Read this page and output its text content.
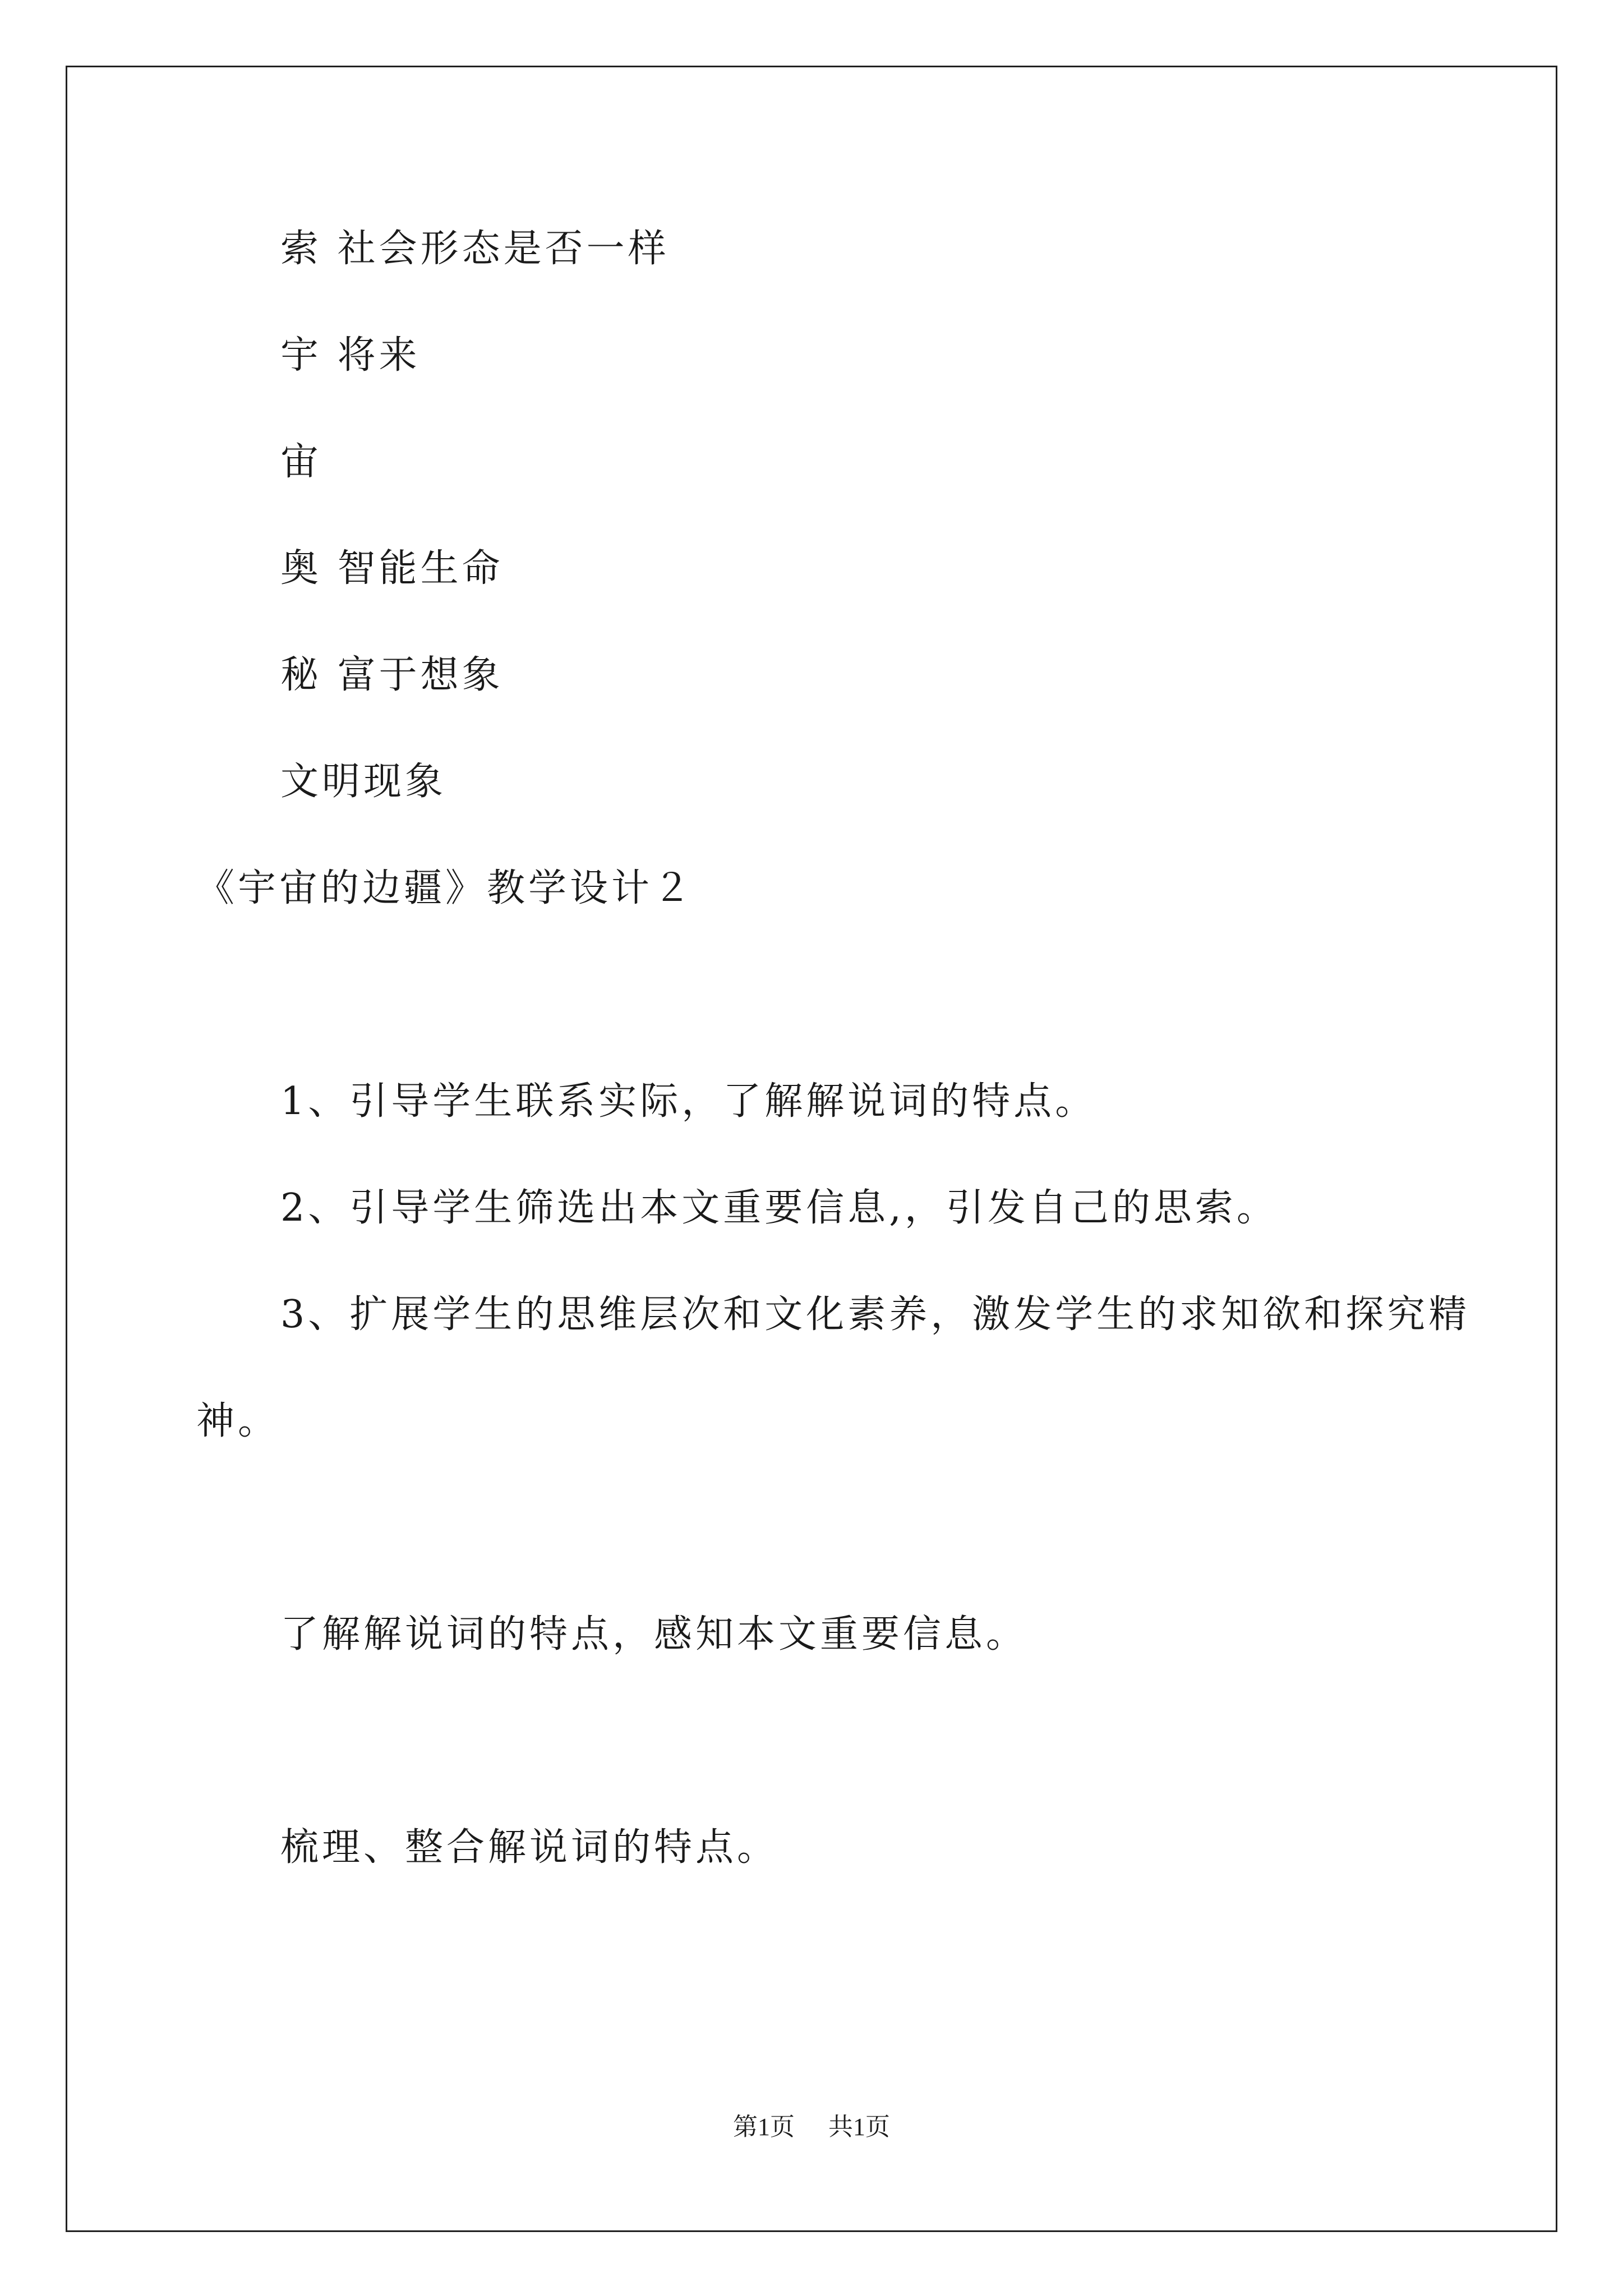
索 社会形态是否一样
宇 将来
宙
奥 智能生命
秘 富于想象
文明现象
《宇宙的边疆》教学设计２
1、引导学生联系实际，了解解说词的特点。
2、引导学生筛选出本文重要信息,，引发自己的思索。
3、扩展学生的思维层次和文化素养，激发学生的求知欲和探究精
神。
了解解说词的特点，感知本文重要信息。
梳理、整合解说词的特点。
第1页 共1页
